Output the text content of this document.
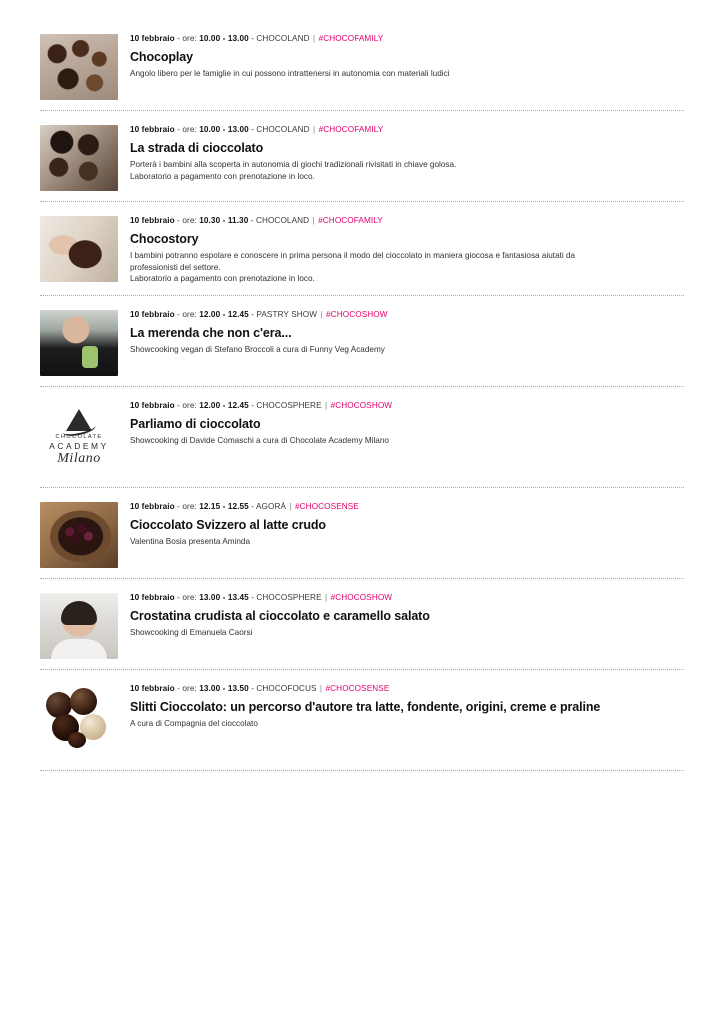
10 febbraio - ore: 10.00 - 13.00 - CHOCOLAND | #CHOCOFAMILY
Chocoplay
Angolo libero per le famiglie in cui possono intrattenersi in autonomia con materiali ludici
10 febbraio - ore: 10.00 - 13.00 - CHOCOLAND | #CHOCOFAMILY
La strada di cioccolato
Porterà i bambini alla scoperta in autonomia di giochi tradizionali rivisitati in chiave golosa.
Laboratorio a pagamento con prenotazione in loco.
10 febbraio - ore: 10.30 - 11.30 - CHOCOLAND | #CHOCOFAMILY
Chocostory
I bambini potranno espolare e conoscere in prima persona il modo del cioccolato in maniera giocosa e fantasiosa aiutati da
professionisti del settore.
Laboratorio a pagamento con prenotazione in loco.
10 febbraio - ore: 12.00 - 12.45 - PASTRY SHOW | #CHOCOSHOW
La merenda che non c'era...
Showcooking vegan di Stefano Broccoli a cura di Funny Veg Academy
CHOCOLATE
ACADEMY
Milano
10 febbraio - ore: 12.00 - 12.45 - CHOCOSPHERE | #CHOCOSHOW
Parliamo di cioccolato
Showcooking di Davide Comaschi a cura di Chocolate Academy Milano
10 febbraio - ore: 12.15 - 12.55 - AGORÀ | #CHOCOSENSE
Cioccolato Svizzero al latte crudo
Valentina Bosia presenta Aminda
10 febbraio - ore: 13.00 - 13.45 - CHOCOSPHERE | #CHOCOSHOW
Crostatina crudista al cioccolato e caramello salato
Showcooking di Emanuela Caorsi
10 febbraio - ore: 13.00 - 13.50 - CHOCOFOCUS | #CHOCOSENSE
Slitti Cioccolato: un percorso d'autore tra latte, fondente, origini, creme e praline
A cura di Compagnia del cioccolato
